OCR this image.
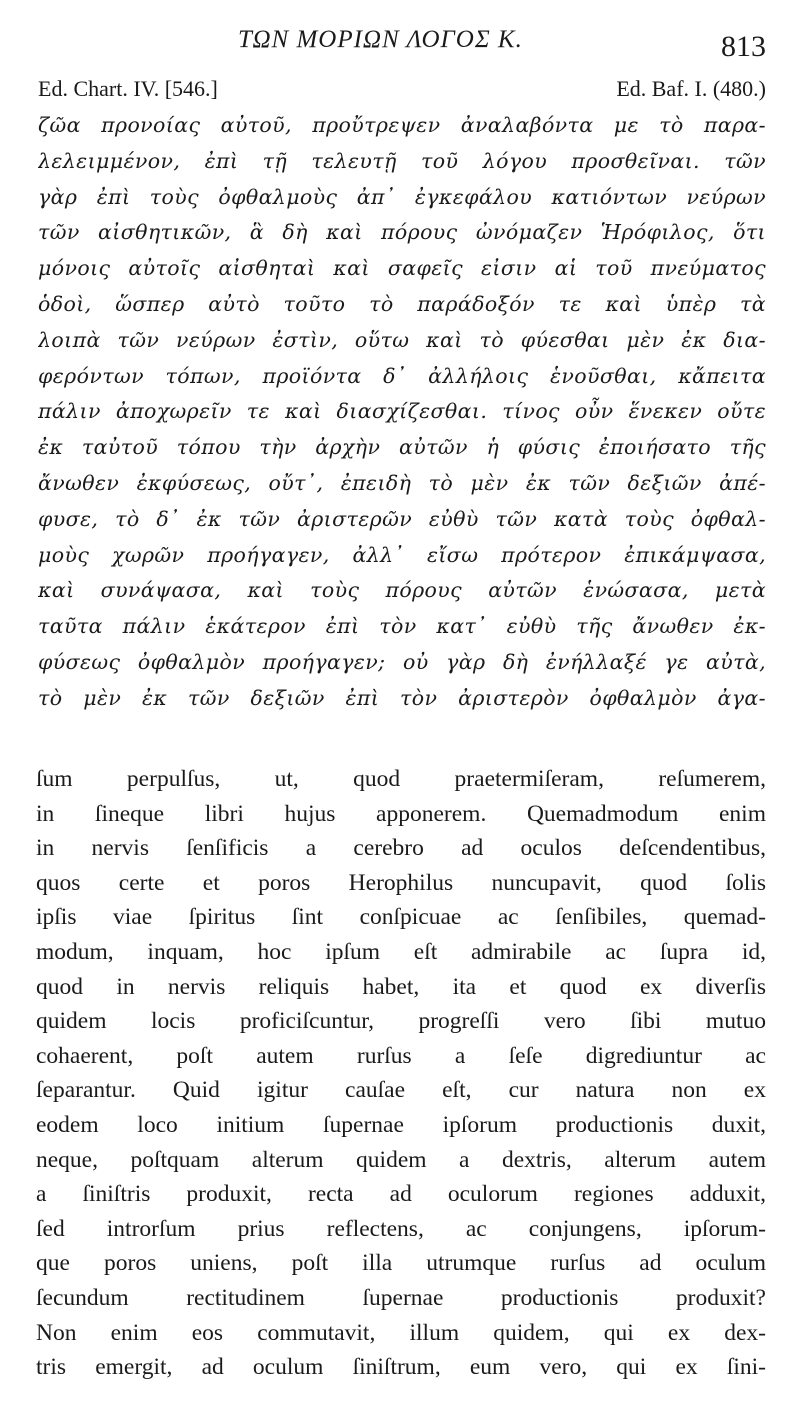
ΤΩΝ ΜΟΡΙΩΝ ΛΟΓΟΣ Κ.	813
Ed. Chart. IV. [546.]	Ed. Baf. I. (480.)
ζῶα προνοίας αὐτοῦ, προὔτρεψεν ἀναλαβόντα με τὸ παρα-
λελειμμένον, ἐπὶ τῇ τελευτῇ τοῦ λόγου προσθεῖναι. τῶν
γὰρ ἐπὶ τοὺς ὀφθαλμοὺς ἀπ᾽ ἐγκεφάλου κατιόντων νεύρων
τῶν αἰσθητικῶν, ἃ δὴ καὶ πόρους ὠνόμαζεν Ἡρόφιλος, ὅτι
μόνοις αὐτοῖς αἰσθηταὶ καὶ σαφεῖς εἰσιν αἱ τοῦ πνεύματος
ὁδοὶ, ὥσπερ αὐτὸ τοῦτο τὸ παράδοξόν τε καὶ ὑπὲρ τὰ
λοιπὰ τῶν νεύρων ἐστὶν, οὕτω καὶ τὸ φύεσθαι μὲν ἐκ δια-
φερόντων τόπων, προϊόντα δ᾽ ἀλλήλοις ἑνοῦσθαι, κἄπειτα
πάλιν ἀποχωρεῖν τε καὶ διασχίζεσθαι. τίνος οὖν ἕνεκεν οὔτε
ἐκ ταὐτοῦ τόπου τὴν ἀρχὴν αὐτῶν ἡ φύσις ἐποιήσατο τῆς
ἄνωθεν ἐκφύσεως, οὔτ᾽, ἐπειδὴ τὸ μὲν ἐκ τῶν δεξιῶν ἀπέ-
φυσε, τὸ δ᾽ ἐκ τῶν ἀριστερῶν εὐθὺ τῶν κατὰ τοὺς ὀφθαλ-
μοὺς χωρῶν προήγαγεν, ἀλλ᾽ εἴσω πρότερον ἐπικάμψασα,
καὶ συνάψασα, καὶ τοὺς πόρους αὐτῶν ἑνώσασα, μετὰ
ταῦτα πάλιν ἑκάτερον ἐπὶ τὸν κατ᾽ εὐθὺ τῆς ἄνωθεν ἐκ-
φύσεως ὀφθαλμὸν προήγαγεν; οὐ γὰρ δὴ ἐνήλλαξέ γε αὐτὰ,
τὸ μὲν ἐκ τῶν δεξιῶν ἐπὶ τὸν ἀριστερὸν ὀφθαλμὸν ἀγα-
ſum perpulſus, ut, quod praetermiſeram, reſumerem,
in ſineque libri hujus apponerem. Quemadmodum enim
in nervis ſenſificis a cerebro ad oculos deſcendentibus,
quos certe et poros Herophilus nuncupavit, quod ſolis
ipſis viae ſpiritus ſint conſpicuae ac ſenſibiles, quemad-
modum, inquam, hoc ipſum eſt admirabile ac ſupra id,
quod in nervis reliquis habet, ita et quod ex diverſis
quidem locis proficiſcuntur, progreſſi vero ſibi mutuo
cohaerent, poſt autem rurſus a ſeſe digrediuntur ac
ſeparantur. Quid igitur cauſae eſt, cur natura non ex
eodem loco initium ſupernae ipſorum productionis duxit,
neque, poſtquam alterum quidem a dextris, alterum autem
a ſiniſtris produxit, recta ad oculorum regiones adduxit,
ſed introrſum prius reflectens, ac conjungens, ipſorum-
que poros uniens, poſt illa utrumque rurſus ad oculum
ſecundum rectitudinem ſupernae productionis produxit?
Non enim eos commutavit, illum quidem, qui ex dex-
tris emergit, ad oculum ſiniſtrum, eum vero, qui ex ſini-
